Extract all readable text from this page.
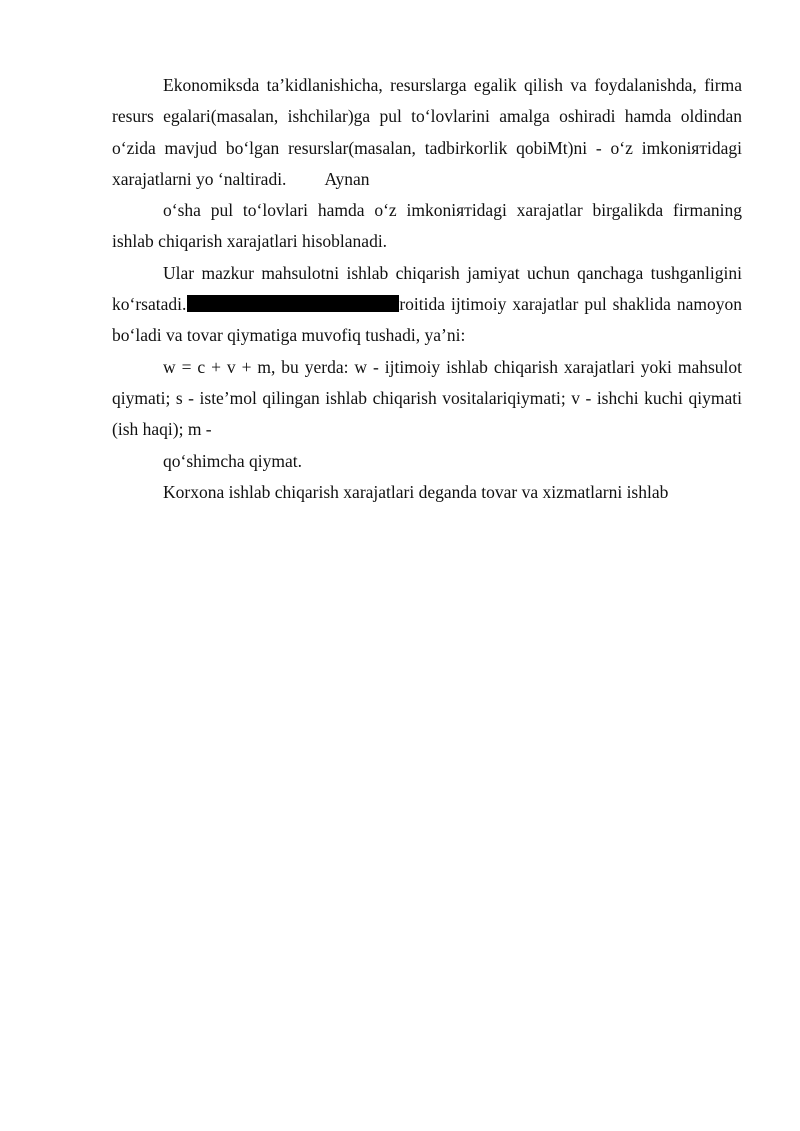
Ekonomiksda ta’kidlanishicha, resurslarga egalik qilish va foydalanishda, firma resurs egalari(masalan, ishchilar)ga pul to‘lovlarini amalga oshiradi hamda oldindan o‘zida mavjud bo‘lgan resurslar(masalan, tadbirkorlik qobiMt)ni - o‘z imkoniятidagi xarajatlarni yo ‘naltiradi. Aynan

o‘sha pul to‘lovlari hamda o‘z imkoniятidagi xarajatlar birgalikda firmaning ishlab chiqarish xarajatlari hisoblanadi.

Ular mazkur mahsulotni ishlab chiqarish jamiyat uchun qanchaga tushganligini ko‘rsatadi.	roitida ijtimoiy xarajatlar pul shaklida namoyon bo‘ladi va tovar qiymatiga muvofiq tushadi, ya’ni:

w = c + v + m, bu yerda: w - ijtimoiy ishlab chiqarish xarajatlari yoki mahsulot qiymati; s - iste’mol qilingan ishlab chiqarish vositalariqiymati; v - ishchi kuchi qiymati (ish haqi); m -

qo‘shimcha qiymat.

Korxona ishlab chiqarish xarajatlari deganda tovar va xizmatlarni ishlab
